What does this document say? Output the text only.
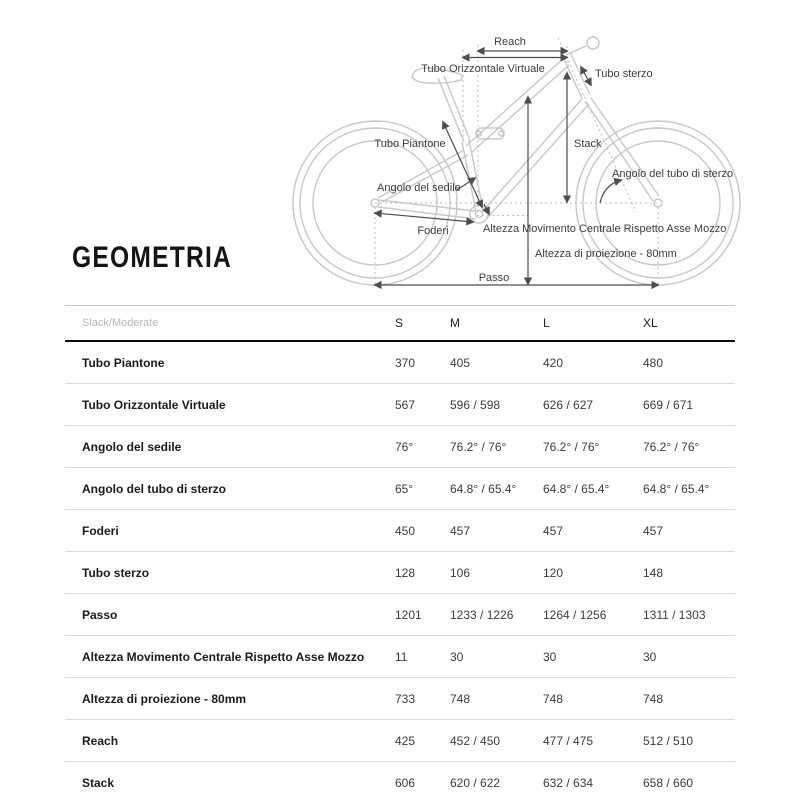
Reach
Tubo Orizzontale Virtuale	Tubo sterzo
Tubo Piantone	Stack
Angolo del sedile
Angolo del tubo di sterzo
Foderi	Altezza Movimento Centrale Rispetto Asse Mozzo
Altezza di proiezione - 80mm
Passo
GEOMETRIA
Slack/Moderate	S	M	L	XL
Tubo Piantone	370	405	420	480
Tubo Orizzontale Virtuale	567	596 / 598	626 / 627	669 / 671
Angolo del sedile	76°	76.2° / 76°	76.2° / 76°	76.2° / 76°
Angolo del tubo di sterzo	65°	64.8° / 65.4°	64.8° / 65.4°	64.8° / 65.4°
Foderi	450	457	457	457
Tubo sterzo	128	106	120	148
Passo	1201	1233 / 1226	1264 / 1256	1311 / 1303
Altezza Movimento Centrale Rispetto Asse Mozzo	11	30	30	30
Altezza di proiezione - 80mm	733	748	748	748
Reach	425	452 / 450	477 / 475	512 / 510
Stack	606	620 / 622	632 / 634	658 / 660
